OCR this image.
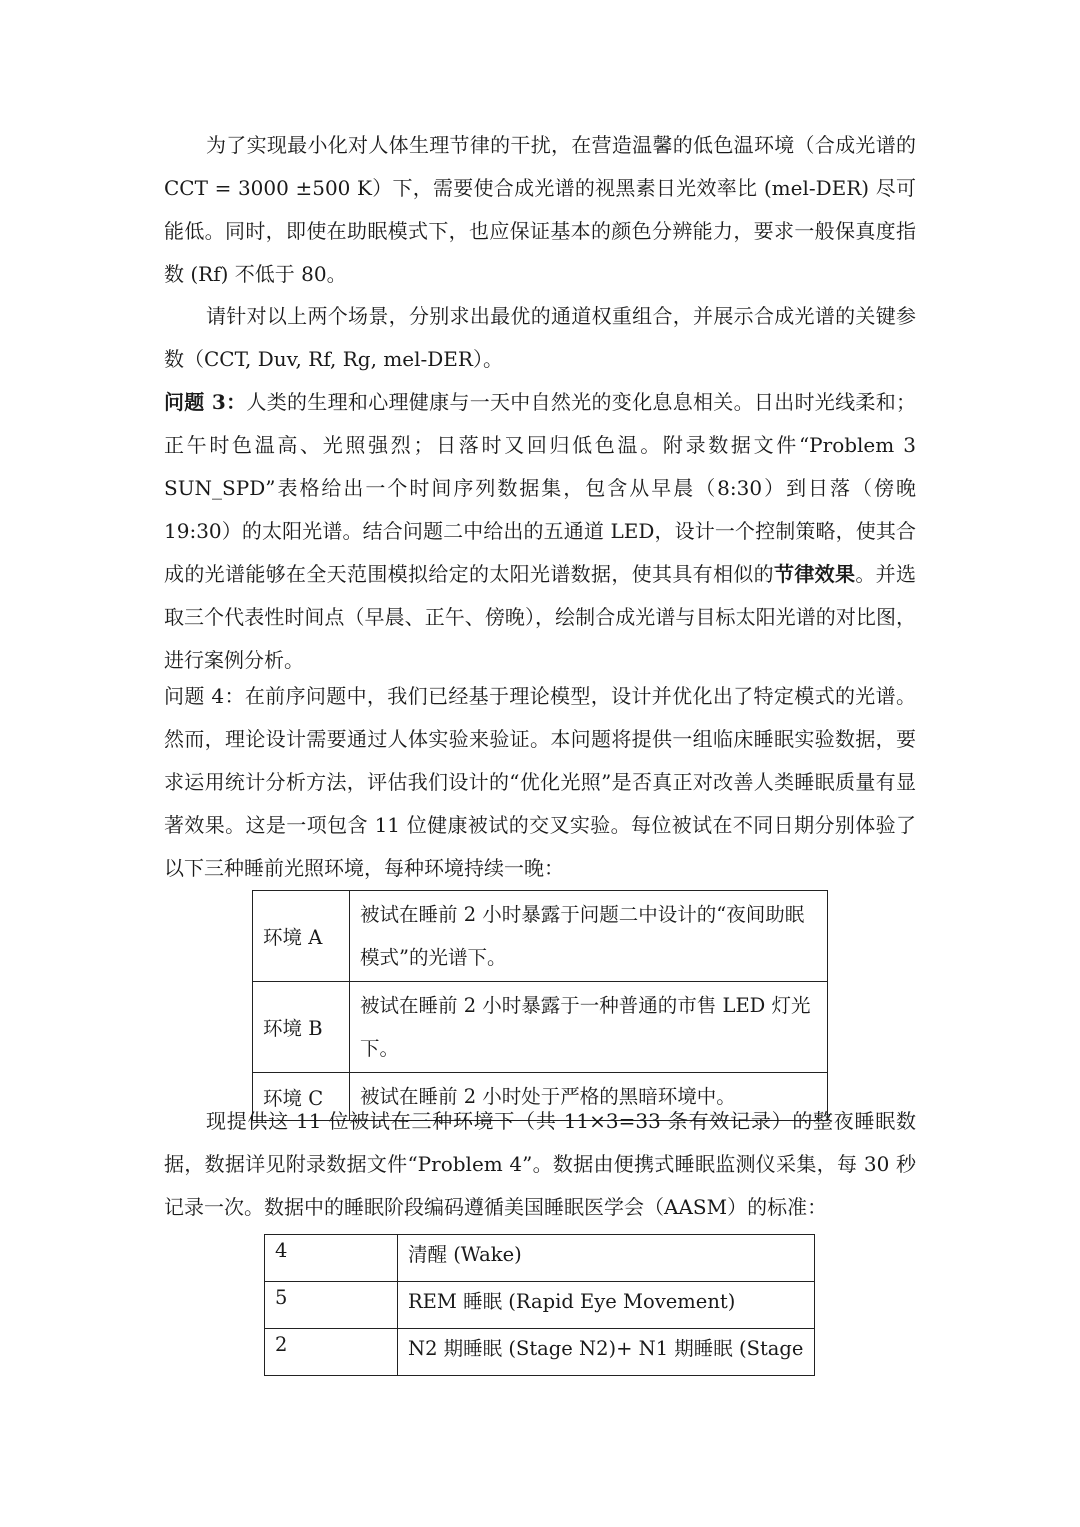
为了实现最小化对人体生理节律的干扰，在营造温馨的低色温环境（合成光谱的 CCT = 3000 ±500 K）下，需要使合成光谱的视黑素日光效率比 (mel-DER) 尽可能低。同时，即使在助眠模式下，也应保证基本的颜色分辨能力，要求一般保真度指数 (Rf) 不低于 80。

请针对以上两个场景，分别求出最优的通道权重组合，并展示合成光谱的关键参数（CCT, Duv, Rf, Rg, mel-DER）。

问题 3：人类的生理和心理健康与一天中自然光的变化息息相关。日出时光线柔和；正午时色温高、光照强烈；日落时又回归低色温。附录数据文件“Problem 3 SUN_SPD”表格给出一个时间序列数据集，包含从早晨（8:30）到日落（傍晚 19:30）的太阳光谱。结合问题二中给出的五通道 LED，设计一个控制策略，使其合成的光谱能够在全天范围模拟给定的太阳光谱数据，使其具有相似的节律效果。并选取三个代表性时间点（早晨、正午、傍晚），绘制合成光谱与目标太阳光谱的对比图，进行案例分析。

问题 4：在前序问题中，我们已经基于理论模型，设计并优化出了特定模式的光谱。然而，理论设计需要通过人体实验来验证。本问题将提供一组临床睡眠实验数据，要求运用统计分析方法，评估我们设计的“优化光照”是否真正对改善人类睡眠质量有显著效果。这是一项包含 11 位健康被试的交叉实验。每位被试在不同日期分别体验了以下三种睡前光照环境，每种环境持续一晚：

环境 A	被试在睡前 2 小时暴露于问题二中设计的“夜间助眠模式”的光谱下。
环境 B	被试在睡前 2 小时暴露于一种普通的市售 LED 灯光下。
环境 C	被试在睡前 2 小时处于严格的黑暗环境中。

现提供这 11 位被试在三种环境下（共 11×3=33 条有效记录）的整夜睡眠数据，数据详见附录数据文件“Problem 4”。数据由便携式睡眠监测仪采集，每 30 秒记录一次。数据中的睡眠阶段编码遵循美国睡眠医学会（AASM）的标准：

4	清醒 (Wake)
5	REM 睡眠 (Rapid Eye Movement)
2	N2 期睡眠 (Stage N2)+ N1 期睡眠 (Stage
